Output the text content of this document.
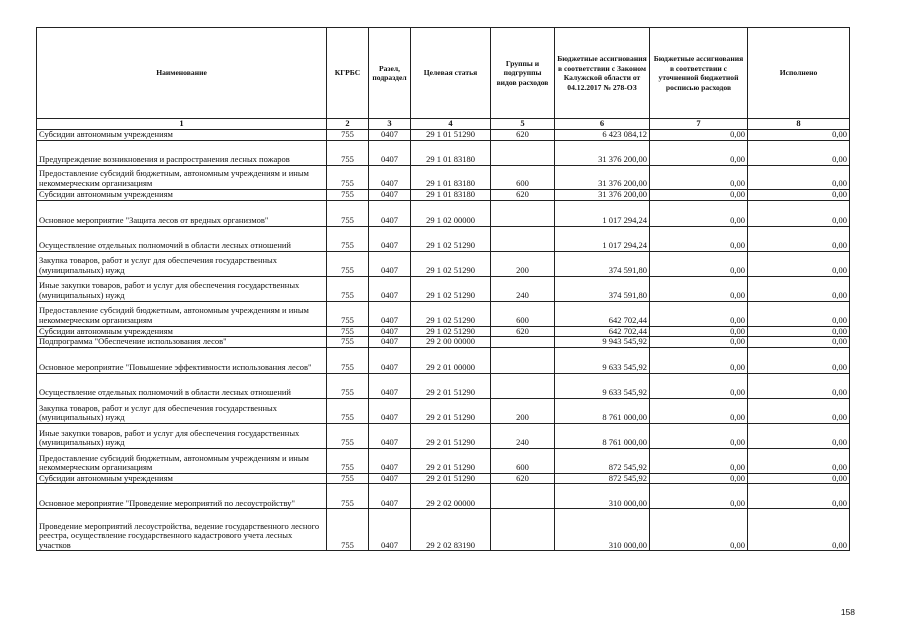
Наименование	КГРБС	Разел, подраздел	Целевая статья	Группы и подгруппы видов расходов	Бюджетные ассигнования в соответствии с Законом Калужской области от 04.12.2017 № 278-ОЗ	Бюджетные ассигнования в соответствии с уточненной бюджетной росписью расходов	Исполнено
1	2	3	4	5	6	7	8
Субсидии автономным учреждениям	755	0407	29 1 01 51290	620	6 423 084,12	0,00	0,00
Предупреждение возникновения и распространения лесных пожаров	755	0407	29 1 01 83180		31 376 200,00	0,00	0,00
Предоставление субсидий бюджетным, автономным учреждениям и иным некоммерческим организациям	755	0407	29 1 01 83180	600	31 376 200,00	0,00	0,00
Субсидии автономным учреждениям	755	0407	29 1 01 83180	620	31 376 200,00	0,00	0,00
Основное мероприятие "Защита лесов от вредных организмов"	755	0407	29 1 02 00000		1 017 294,24	0,00	0,00
Осуществление отдельных полномочий в области лесных отношений	755	0407	29 1 02 51290		1 017 294,24	0,00	0,00
Закупка товаров, работ и услуг для обеспечения государственных (муниципальных) нужд	755	0407	29 1 02 51290	200	374 591,80	0,00	0,00
Иные закупки товаров, работ и услуг для обеспечения государственных (муниципальных) нужд	755	0407	29 1 02 51290	240	374 591,80	0,00	0,00
Предоставление субсидий бюджетным, автономным учреждениям и иным некоммерческим организациям	755	0407	29 1 02 51290	600	642 702,44	0,00	0,00
Субсидии автономным учреждениям	755	0407	29 1 02 51290	620	642 702,44	0,00	0,00
Подпрограмма "Обеспечение использования лесов"	755	0407	29 2 00 00000		9 943 545,92	0,00	0,00
Основное мероприятие "Повышение эффективности использования лесов"	755	0407	29 2 01 00000		9 633 545,92	0,00	0,00
Осуществление отдельных полномочий в области лесных отношений	755	0407	29 2 01 51290		9 633 545,92	0,00	0,00
Закупка товаров, работ и услуг для обеспечения государственных (муниципальных) нужд	755	0407	29 2 01 51290	200	8 761 000,00	0,00	0,00
Иные закупки товаров, работ и услуг для обеспечения государственных (муниципальных) нужд	755	0407	29 2 01 51290	240	8 761 000,00	0,00	0,00
Предоставление субсидий бюджетным, автономным учреждениям и иным некоммерческим организациям	755	0407	29 2 01 51290	600	872 545,92	0,00	0,00
Субсидии автономным учреждениям	755	0407	29 2 01 51290	620	872 545,92	0,00	0,00
Основное мероприятие "Проведение мероприятий по лесоустройству"	755	0407	29 2 02 00000		310 000,00	0,00	0,00
Проведение мероприятий лесоустройства, ведение государственного лесного реестра, осуществление государственного кадастрового учета лесных участков	755	0407	29 2 02 83190		310 000,00	0,00	0,00
158
